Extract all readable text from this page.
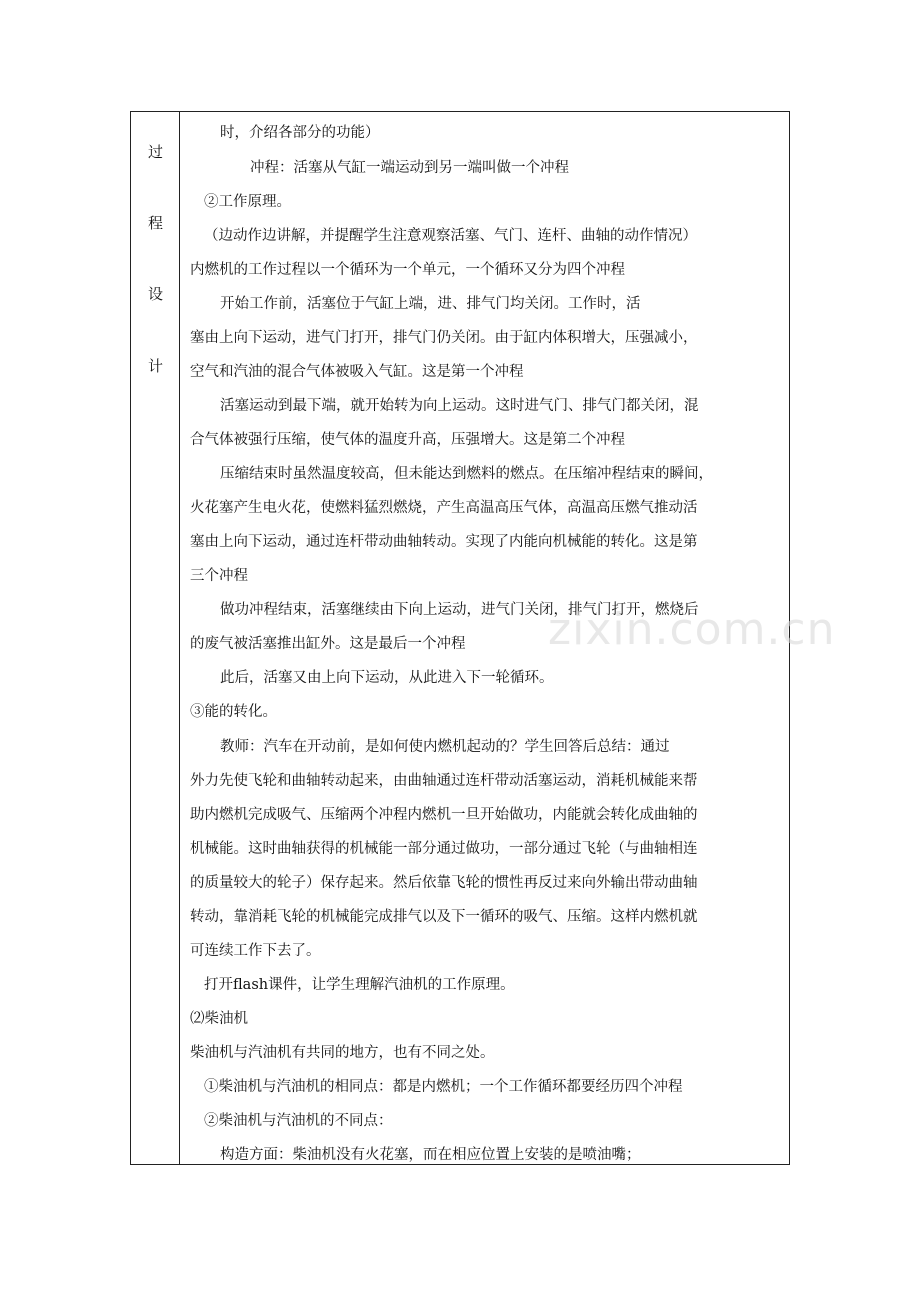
过
程
设
计
时，介绍各部分的功能）
冲程：活塞从气缸一端运动到另一端叫做一个冲程
②工作原理。
（边动作边讲解，并提醒学生注意观察活塞、气门、连杆、曲轴的动作情况）
内燃机的工作过程以一个循环为一个单元，一个循环又分为四个冲程
开始工作前，活塞位于气缸上端，进、排气门均关闭。工作时，活
塞由上向下运动，进气门打开，排气门仍关闭。由于缸内体积增大，压强减小，
空气和汽油的混合气体被吸入气缸。这是第一个冲程
活塞运动到最下端，就开始转为向上运动。这时进气门、排气门都关闭，混
合气体被强行压缩，使气体的温度升高，压强增大。这是第二个冲程
压缩结束时虽然温度较高，但未能达到燃料的燃点。在压缩冲程结束的瞬间，
火花塞产生电火花，使燃料猛烈燃烧，产生高温高压气体，高温高压燃气推动活
塞由上向下运动，通过连杆带动曲轴转动。实现了内能向机械能的转化。这是第
三个冲程
做功冲程结束，活塞继续由下向上运动，进气门关闭，排气门打开，燃烧后
的废气被活塞推出缸外。这是最后一个冲程
此后，活塞又由上向下运动，从此进入下一轮循环。
③能的转化。
教师：汽车在开动前，是如何使内燃机起动的？学生回答后总结：通过
外力先使飞轮和曲轴转动起来，由曲轴通过连杆带动活塞运动，消耗机械能来帮
助内燃机完成吸气、压缩两个冲程内燃机一旦开始做功，内能就会转化成曲轴的
机械能。这时曲轴获得的机械能一部分通过做功，一部分通过飞轮（与曲轴相连
的质量较大的轮子）保存起来。然后依靠飞轮的惯性再反过来向外输出带动曲轴
转动，靠消耗飞轮的机械能完成排气以及下一循环的吸气、压缩。这样内燃机就
可连续工作下去了。
打开flash课件，让学生理解汽油机的工作原理。
⑵柴油机
柴油机与汽油机有共同的地方，也有不同之处。
①柴油机与汽油机的相同点：都是内燃机；一个工作循环都要经历四个冲程
②柴油机与汽油机的不同点：
构造方面：柴油机没有火花塞，而在相应位置上安装的是喷油嘴；
zixin.com.cn
